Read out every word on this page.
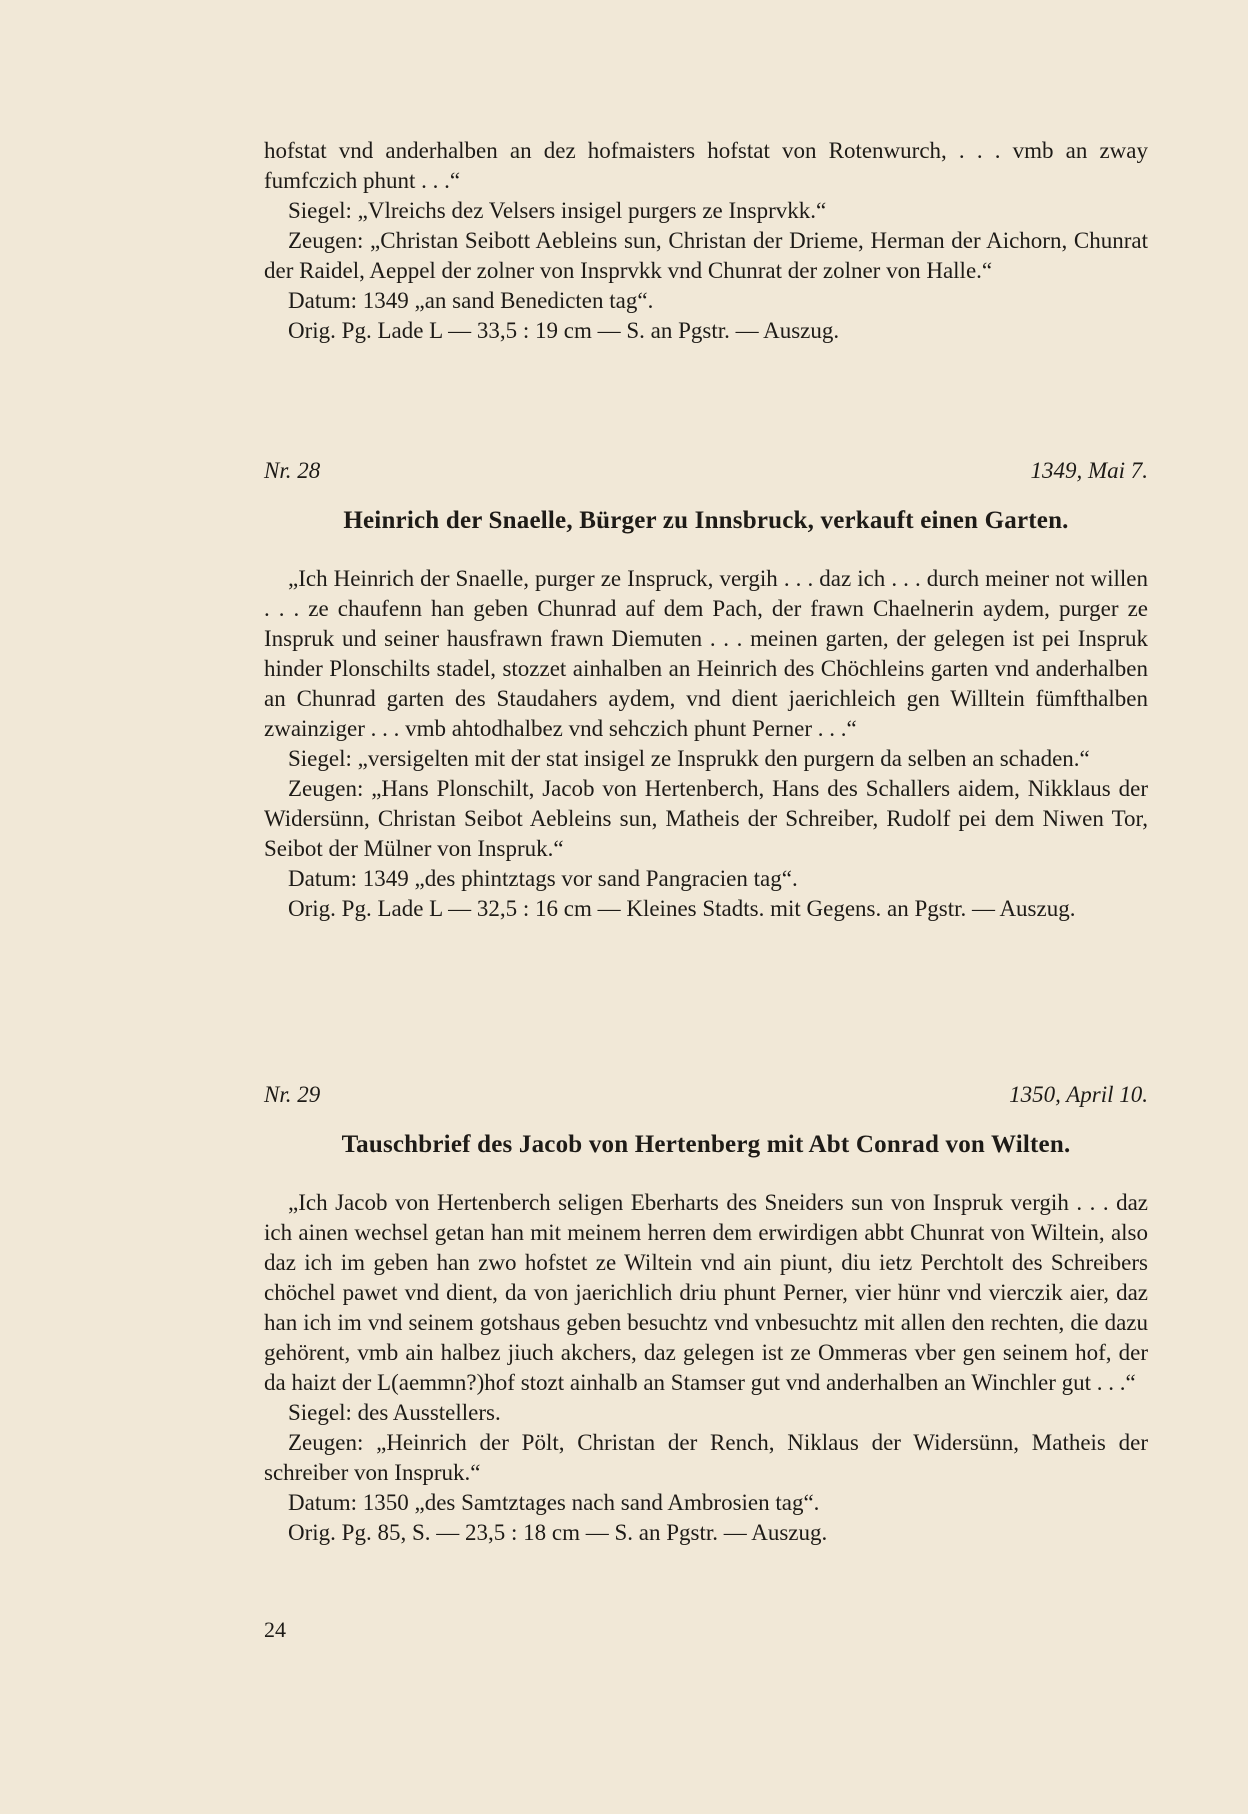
hofstat vnd anderhalben an dez hofmaisters hofstat von Rotenwurch, . . . vmb an zway fumfczich phunt . . .“

Siegel: „Vlreichs dez Velsers insigel purgers ze Insprvkk.“

Zeugen: „Christan Seibott Aebleins sun, Christan der Drieme, Herman der Aichorn, Chunrat der Raidel, Aeppel der zolner von Insprvkk vnd Chunrat der zolner von Halle.“

Datum: 1349 „an sand Benedicten tag“.

Orig. Pg. Lade L — 33,5 : 19 cm — S. an Pgstr. — Auszug.

Nr. 28	1349, Mai 7.
Heinrich der Snaelle, Bürger zu Innsbruck, verkauft einen Garten.

„Ich Heinrich der Snaelle, purger ze Inspruck, vergih . . . daz ich . . . durch meiner not willen . . . ze chaufenn han geben Chunrad auf dem Pach, der frawn Chaelnerin aydem, purger ze Inspruk und seiner hausfrawn frawn Diemuten . . . meinen garten, der gelegen ist pei Inspruk hinder Plonschilts stadel, stozzet ainhalben an Heinrich des Chöchleins garten vnd anderhalben an Chunrad garten des Staudahers aydem, vnd dient jaerichleich gen Willtein fümfthalben zwainziger . . . vmb ahtodhalbez vnd sehczich phunt Perner . . .“

Siegel: „versigelten mit der stat insigel ze Insprukk den purgern da selben an schaden.“

Zeugen: „Hans Plonschilt, Jacob von Hertenberch, Hans des Schallers aidem, Nikklaus der Widersünn, Christan Seibot Aebleins sun, Matheis der Schreiber, Rudolf pei dem Niwen Tor, Seibot der Mülner von Inspruk.“

Datum: 1349 „des phintztags vor sand Pangracien tag“.

Orig. Pg. Lade L — 32,5 : 16 cm — Kleines Stadts. mit Gegens. an Pgstr. — Auszug.

Nr. 29	1350, April 10.
Tauschbrief des Jacob von Hertenberg mit Abt Conrad von Wilten.

„Ich Jacob von Hertenberch seligen Eberharts des Sneiders sun von Inspruk vergih . . . daz ich ainen wechsel getan han mit meinem herren dem erwirdigen abbt Chunrat von Wiltein, also daz ich im geben han zwo hofstet ze Wiltein vnd ain piunt, diu ietz Perchtolt des Schreibers chöchel pawet vnd dient, da von jaerichlich driu phunt Perner, vier hünr vnd vierczik aier, daz han ich im vnd seinem gotshaus geben besuchtz vnd vnbesuchtz mit allen den rechten, die dazu gehörent, vmb ain halbez jiuch akchers, daz gelegen ist ze Ommeras vber gen seinem hof, der da haizt der L(aemmn?)hof stozt ainhalb an Stamser gut vnd anderhalben an Winchler gut . . .“

Siegel: des Ausstellers.

Zeugen: „Heinrich der Pölt, Christan der Rench, Niklaus der Widersünn, Matheis der schreiber von Inspruk.“

Datum: 1350 „des Samtztages nach sand Ambrosien tag“.

Orig. Pg. 85, S. — 23,5 : 18 cm — S. an Pgstr. — Auszug.

24
